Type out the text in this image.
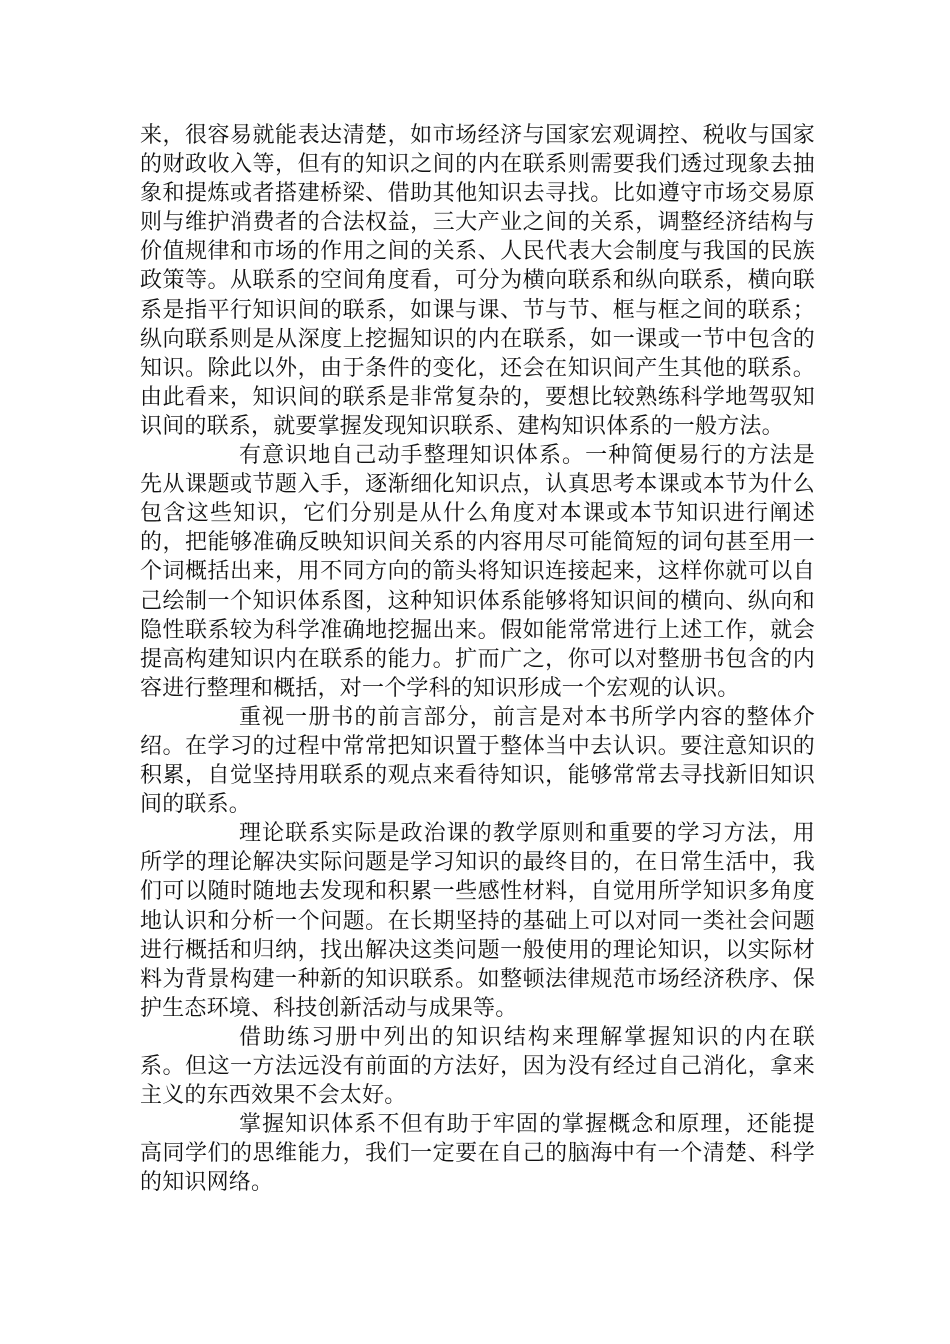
来，很容易就能表达清楚，如市场经济与国家宏观调控、税收与国家的财政收入等，但有的知识之间的内在联系则需要我们透过现象去抽象和提炼或者搭建桥梁、借助其他知识去寻找。比如遵守市场交易原则与维护消费者的合法权益，三大产业之间的关系，调整经济结构与价值规律和市场的作用之间的关系、人民代表大会制度与我国的民族政策等。从联系的空间角度看，可分为横向联系和纵向联系，横向联系是指平行知识间的联系，如课与课、节与节、框与框之间的联系；纵向联系则是从深度上挖掘知识的内在联系，如一课或一节中包含的知识。除此以外，由于条件的变化，还会在知识间产生其他的联系。由此看来，知识间的联系是非常复杂的，要想比较熟练科学地驾驭知识间的联系，就要掌握发现知识联系、建构知识体系的一般方法。

有意识地自己动手整理知识体系。一种简便易行的方法是先从课题或节题入手，逐渐细化知识点，认真思考本课或本节为什么包含这些知识，它们分别是从什么角度对本课或本节知识进行阐述的，把能够准确反映知识间关系的内容用尽可能简短的词句甚至用一个词概括出来，用不同方向的箭头将知识连接起来，这样你就可以自己绘制一个知识体系图，这种知识体系能够将知识间的横向、纵向和隐性联系较为科学准确地挖掘出来。假如能常常进行上述工作，就会提高构建知识内在联系的能力。扩而广之，你可以对整册书包含的内容进行整理和概括，对一个学科的知识形成一个宏观的认识。

重视一册书的前言部分，前言是对本书所学内容的整体介绍。在学习的过程中常常把知识置于整体当中去认识。要注意知识的积累，自觉坚持用联系的观点来看待知识，能够常常去寻找新旧知识间的联系。

理论联系实际是政治课的教学原则和重要的学习方法，用所学的理论解决实际问题是学习知识的最终目的，在日常生活中，我们可以随时随地去发现和积累一些感性材料，自觉用所学知识多角度地认识和分析一个问题。在长期坚持的基础上可以对同一类社会问题进行概括和归纳，找出解决这类问题一般使用的理论知识，以实际材料为背景构建一种新的知识联系。如整顿法律规范市场经济秩序、保护生态环境、科技创新活动与成果等。

借助练习册中列出的知识结构来理解掌握知识的内在联系。但这一方法远没有前面的方法好，因为没有经过自己消化，拿来主义的东西效果不会太好。

掌握知识体系不但有助于牢固的掌握概念和原理，还能提高同学们的思维能力，我们一定要在自己的脑海中有一个清楚、科学的知识网络。
